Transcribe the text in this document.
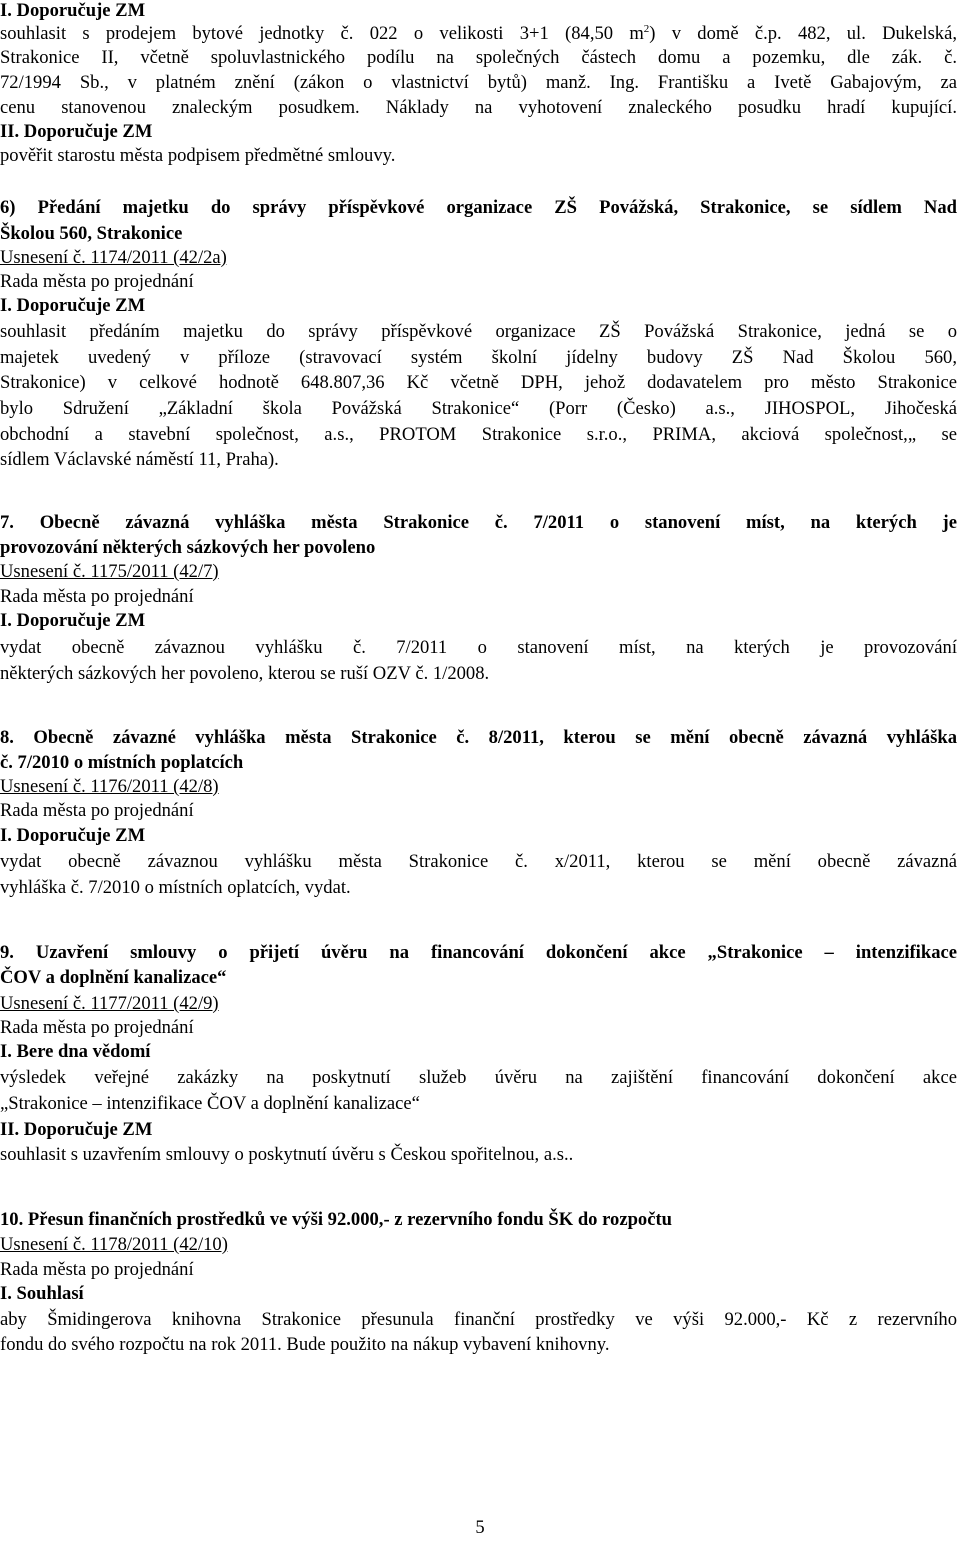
I. Doporučuje ZM
souhlasit s prodejem bytové jednotky č. 022 o velikosti 3+1 (84,50 $m^2$) v domě č.p. 482, ul. Dukelská,
Strakonice II, včetně spoluvlastnického podílu na společných částech domu a pozemku, dle zák. č.
72/1994 Sb., v platném znění (zákon o vlastnictví bytů) manž. Ing. Františku a Ivetě Gabajovým, za
cenu stanovenou znaleckým posudkem. Náklady na vyhotovení znaleckého posudku hradí kupující.
II. Doporučuje ZM
pověřit starostu města podpisem předmětné smlouvy.
6) Předání majetku do správy příspěvkové organizace ZŠ Povážská, Strakonice, se sídlem Nad
Školou 560, Strakonice
Usnesení č. 1174/2011 (42/2a)
Rada města po projednání
I. Doporučuje ZM
souhlasit předáním majetku do správy příspěvkové organizace ZŠ Povážská Strakonice, jedná se o
majetek uvedený v příloze (stravovací systém školní jídelny budovy ZŠ Nad Školou 560,
Strakonice) v celkové hodnotě 648.807,36 Kč včetně DPH, jehož dodavatelem pro město Strakonice
bylo Sdružení „Základní škola Povážská Strakonice“ (Porr (Česko) a.s., JIHOSPOL, Jihočeská
obchodní a stavební společnost, a.s., PROTOM Strakonice s.r.o., PRIMA, akciová společnost,„ se
sídlem Václavské náměstí 11, Praha).
7. Obecně závazná vyhláška města Strakonice č. 7/2011 o stanovení míst, na kterých je
provozování některých sázkových her povoleno
Usnesení č. 1175/2011 (42/7)
Rada města po projednání
I. Doporučuje ZM
vydat obecně závaznou vyhlášku č. 7/2011 o stanovení míst, na kterých je provozování
některých sázkových her povoleno, kterou se ruší OZV č. 1/2008.
8. Obecně závazné vyhláška města Strakonice č. 8/2011, kterou se mění obecně závazná vyhláška
č. 7/2010 o místních poplatcích
Usnesení č. 1176/2011 (42/8)
Rada města po projednání
I. Doporučuje ZM
vydat obecně závaznou vyhlášku města Strakonice č. x/2011, kterou se mění obecně závazná
vyhláška č. 7/2010 o místních oplatcích, vydat.
9. Uzavření smlouvy o přijetí úvěru na financování dokončení akce „Strakonice – intenzifikace
ČOV a doplnění kanalizace“
Usnesení č. 1177/2011 (42/9)
Rada města po projednání
I. Bere dna vědomí
výsledek veřejné zakázky na poskytnutí služeb úvěru na zajištění financování dokončení akce
„Strakonice – intenzifikace ČOV a doplnění kanalizace“
II. Doporučuje ZM
souhlasit s uzavřením smlouvy o poskytnutí úvěru s Českou spořitelnou, a.s..
10. Přesun finančních prostředků ve výši 92.000,- z rezervního fondu ŠK do rozpočtu
Usnesení č. 1178/2011 (42/10)
Rada města po projednání
I. Souhlasí
aby Šmidingerova knihovna Strakonice přesunula finanční prostředky ve výši 92.000,- Kč z rezervního
fondu do svého rozpočtu na rok 2011. Bude použito na nákup vybavení knihovny.
5
